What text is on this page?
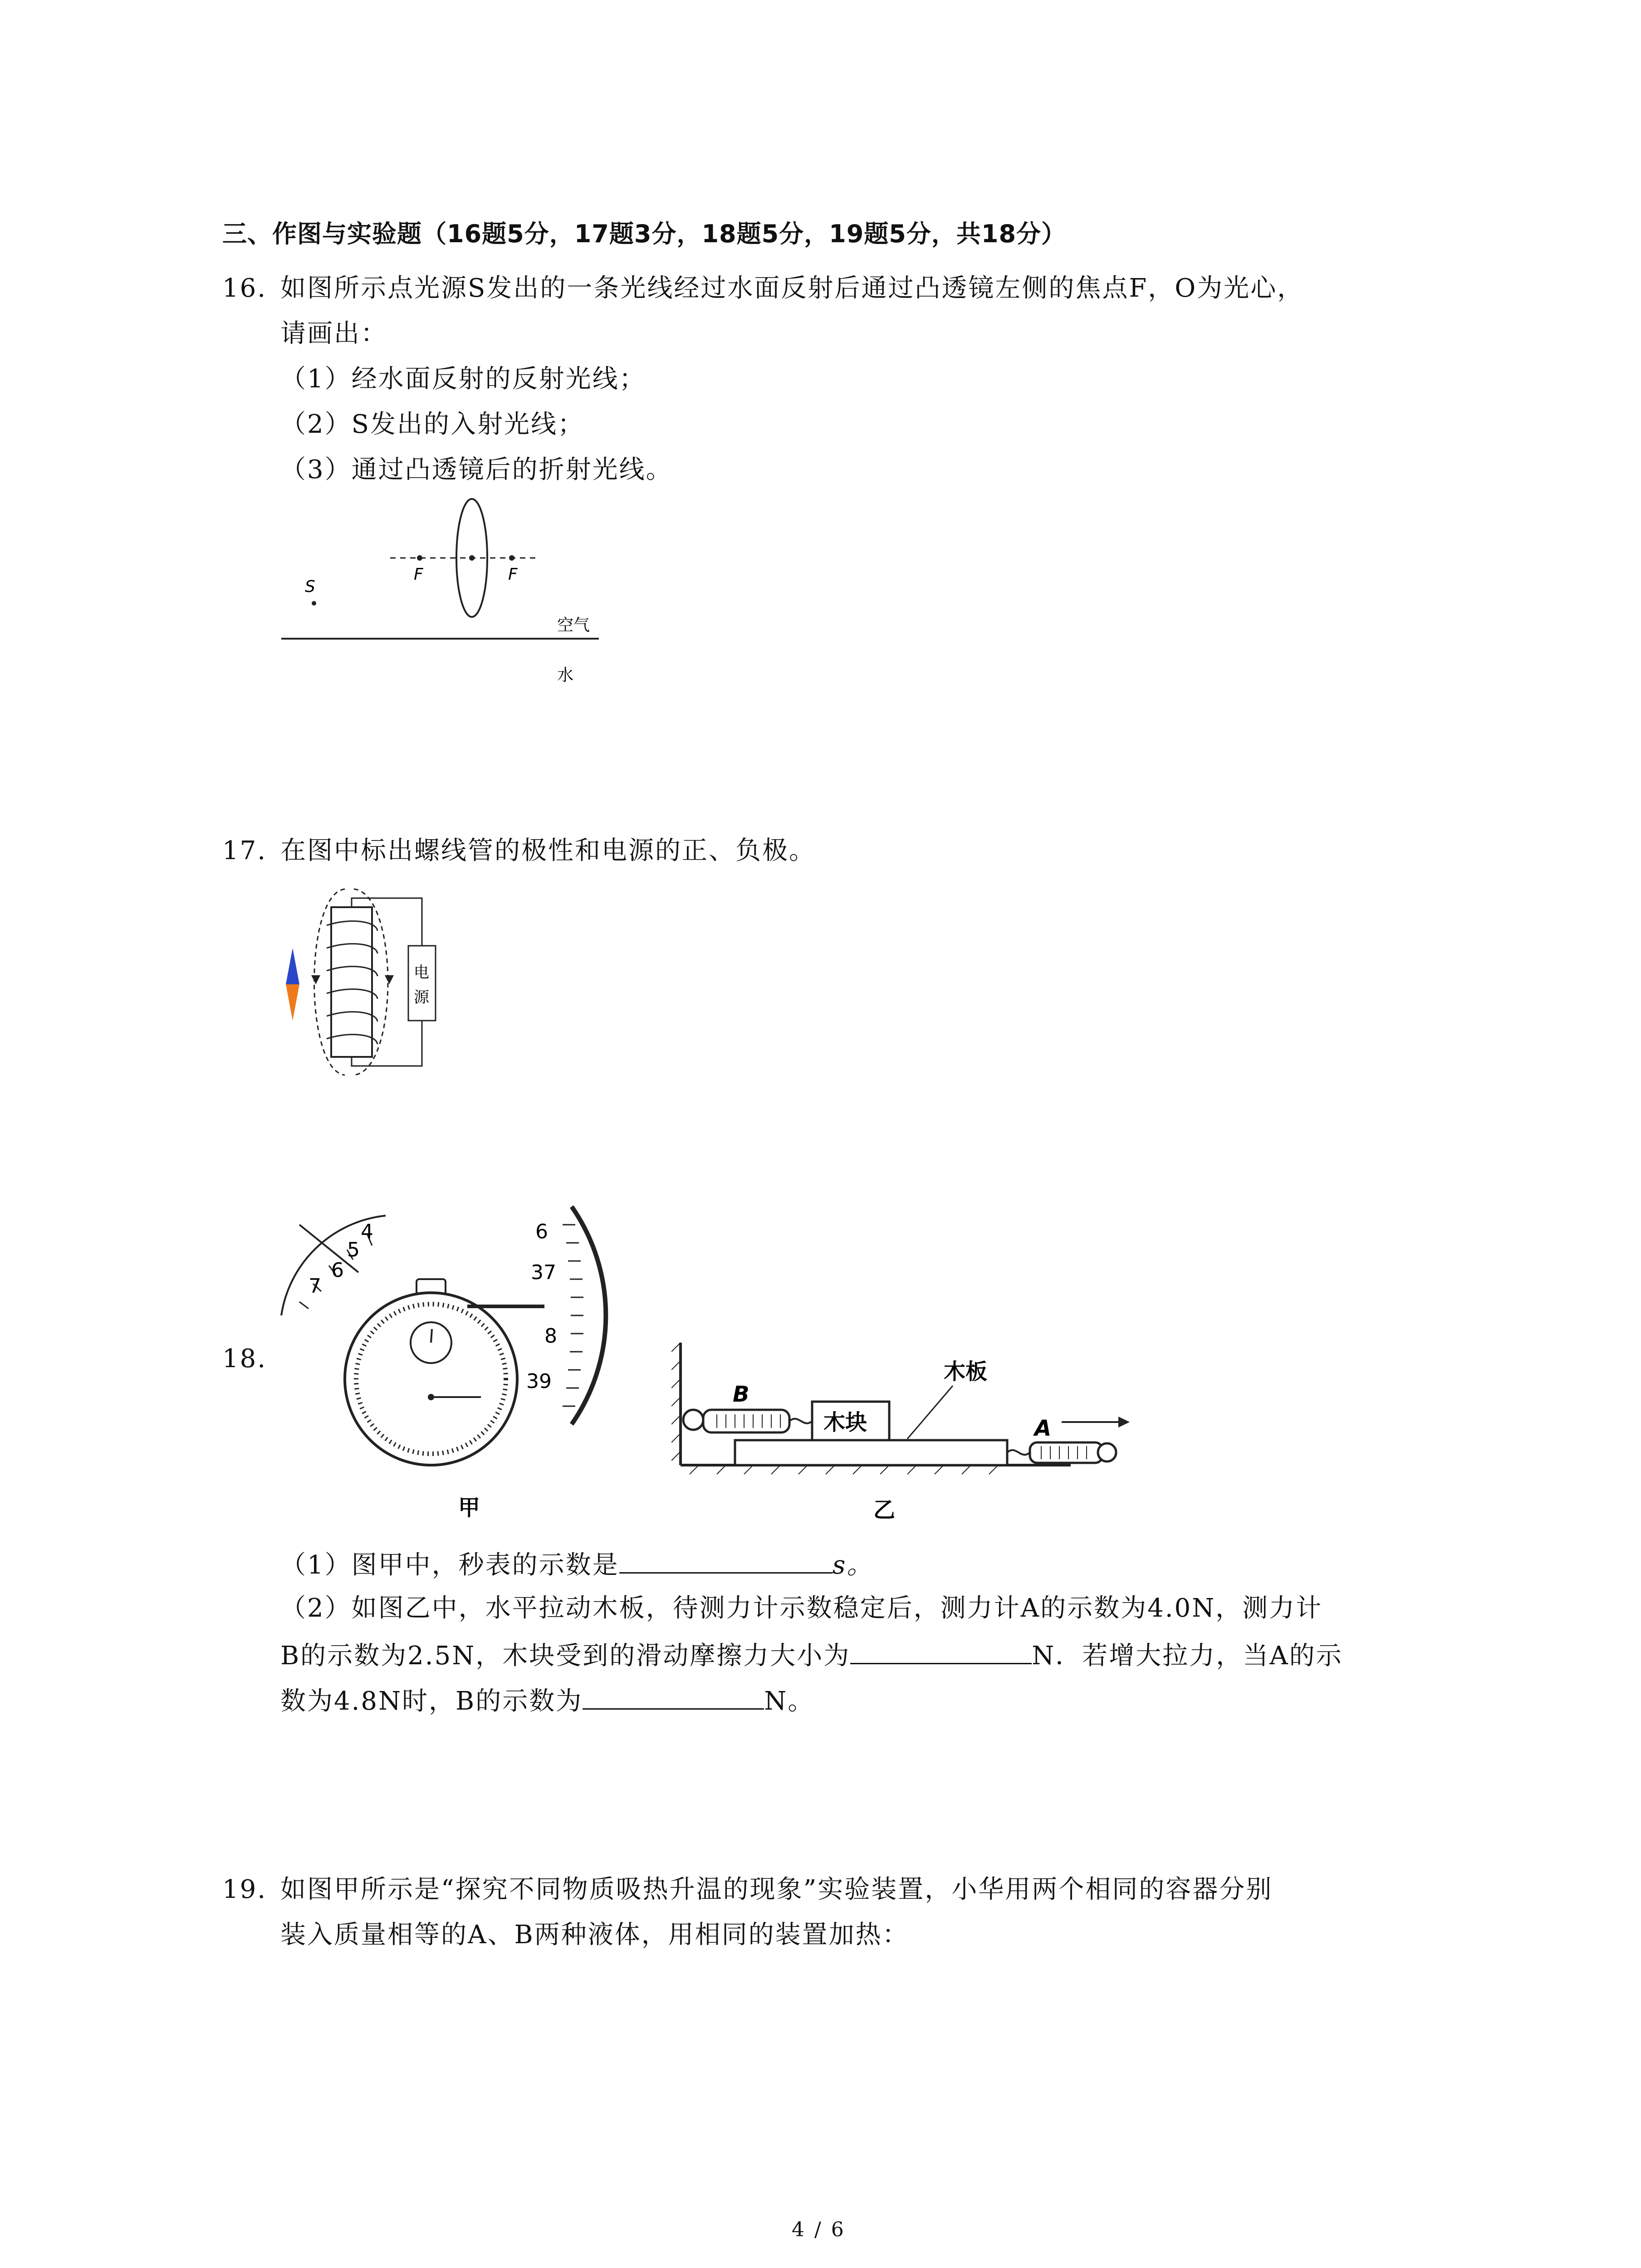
三、作图与实验题（16题5分，17题3分，18题5分，19题5分，共18分）
16. 如图所示点光源S发出的一条光线经过水面反射后通过凸透镜左侧的焦点F，O为光心，
请画出：
（1）经水面反射的反射光线；
（2）S发出的入射光线；
（3）通过凸透镜后的折射光线。
F	F
S
空气
水
17. 在图中标出螺线管的极性和电源的正、负极。
电
源
18.
4
5
6
7
6
37
8
39
甲
B
木块
木板
A
乙
（1）图甲中，秒表的示数是	s。
（2）如图乙中，水平拉动木板，待测力计示数稳定后，测力计A的示数为4.0N，测力计
B的示数为2.5N，木块受到的滑动摩擦力大小为	N．若增大拉力，当A的示
数为4.8N时，B的示数为	N。
19. 如图甲所示是“探究不同物质吸热升温的现象”实验装置，小华用两个相同的容器分别
装入质量相等的A、B两种液体，用相同的装置加热：
4 / 6
